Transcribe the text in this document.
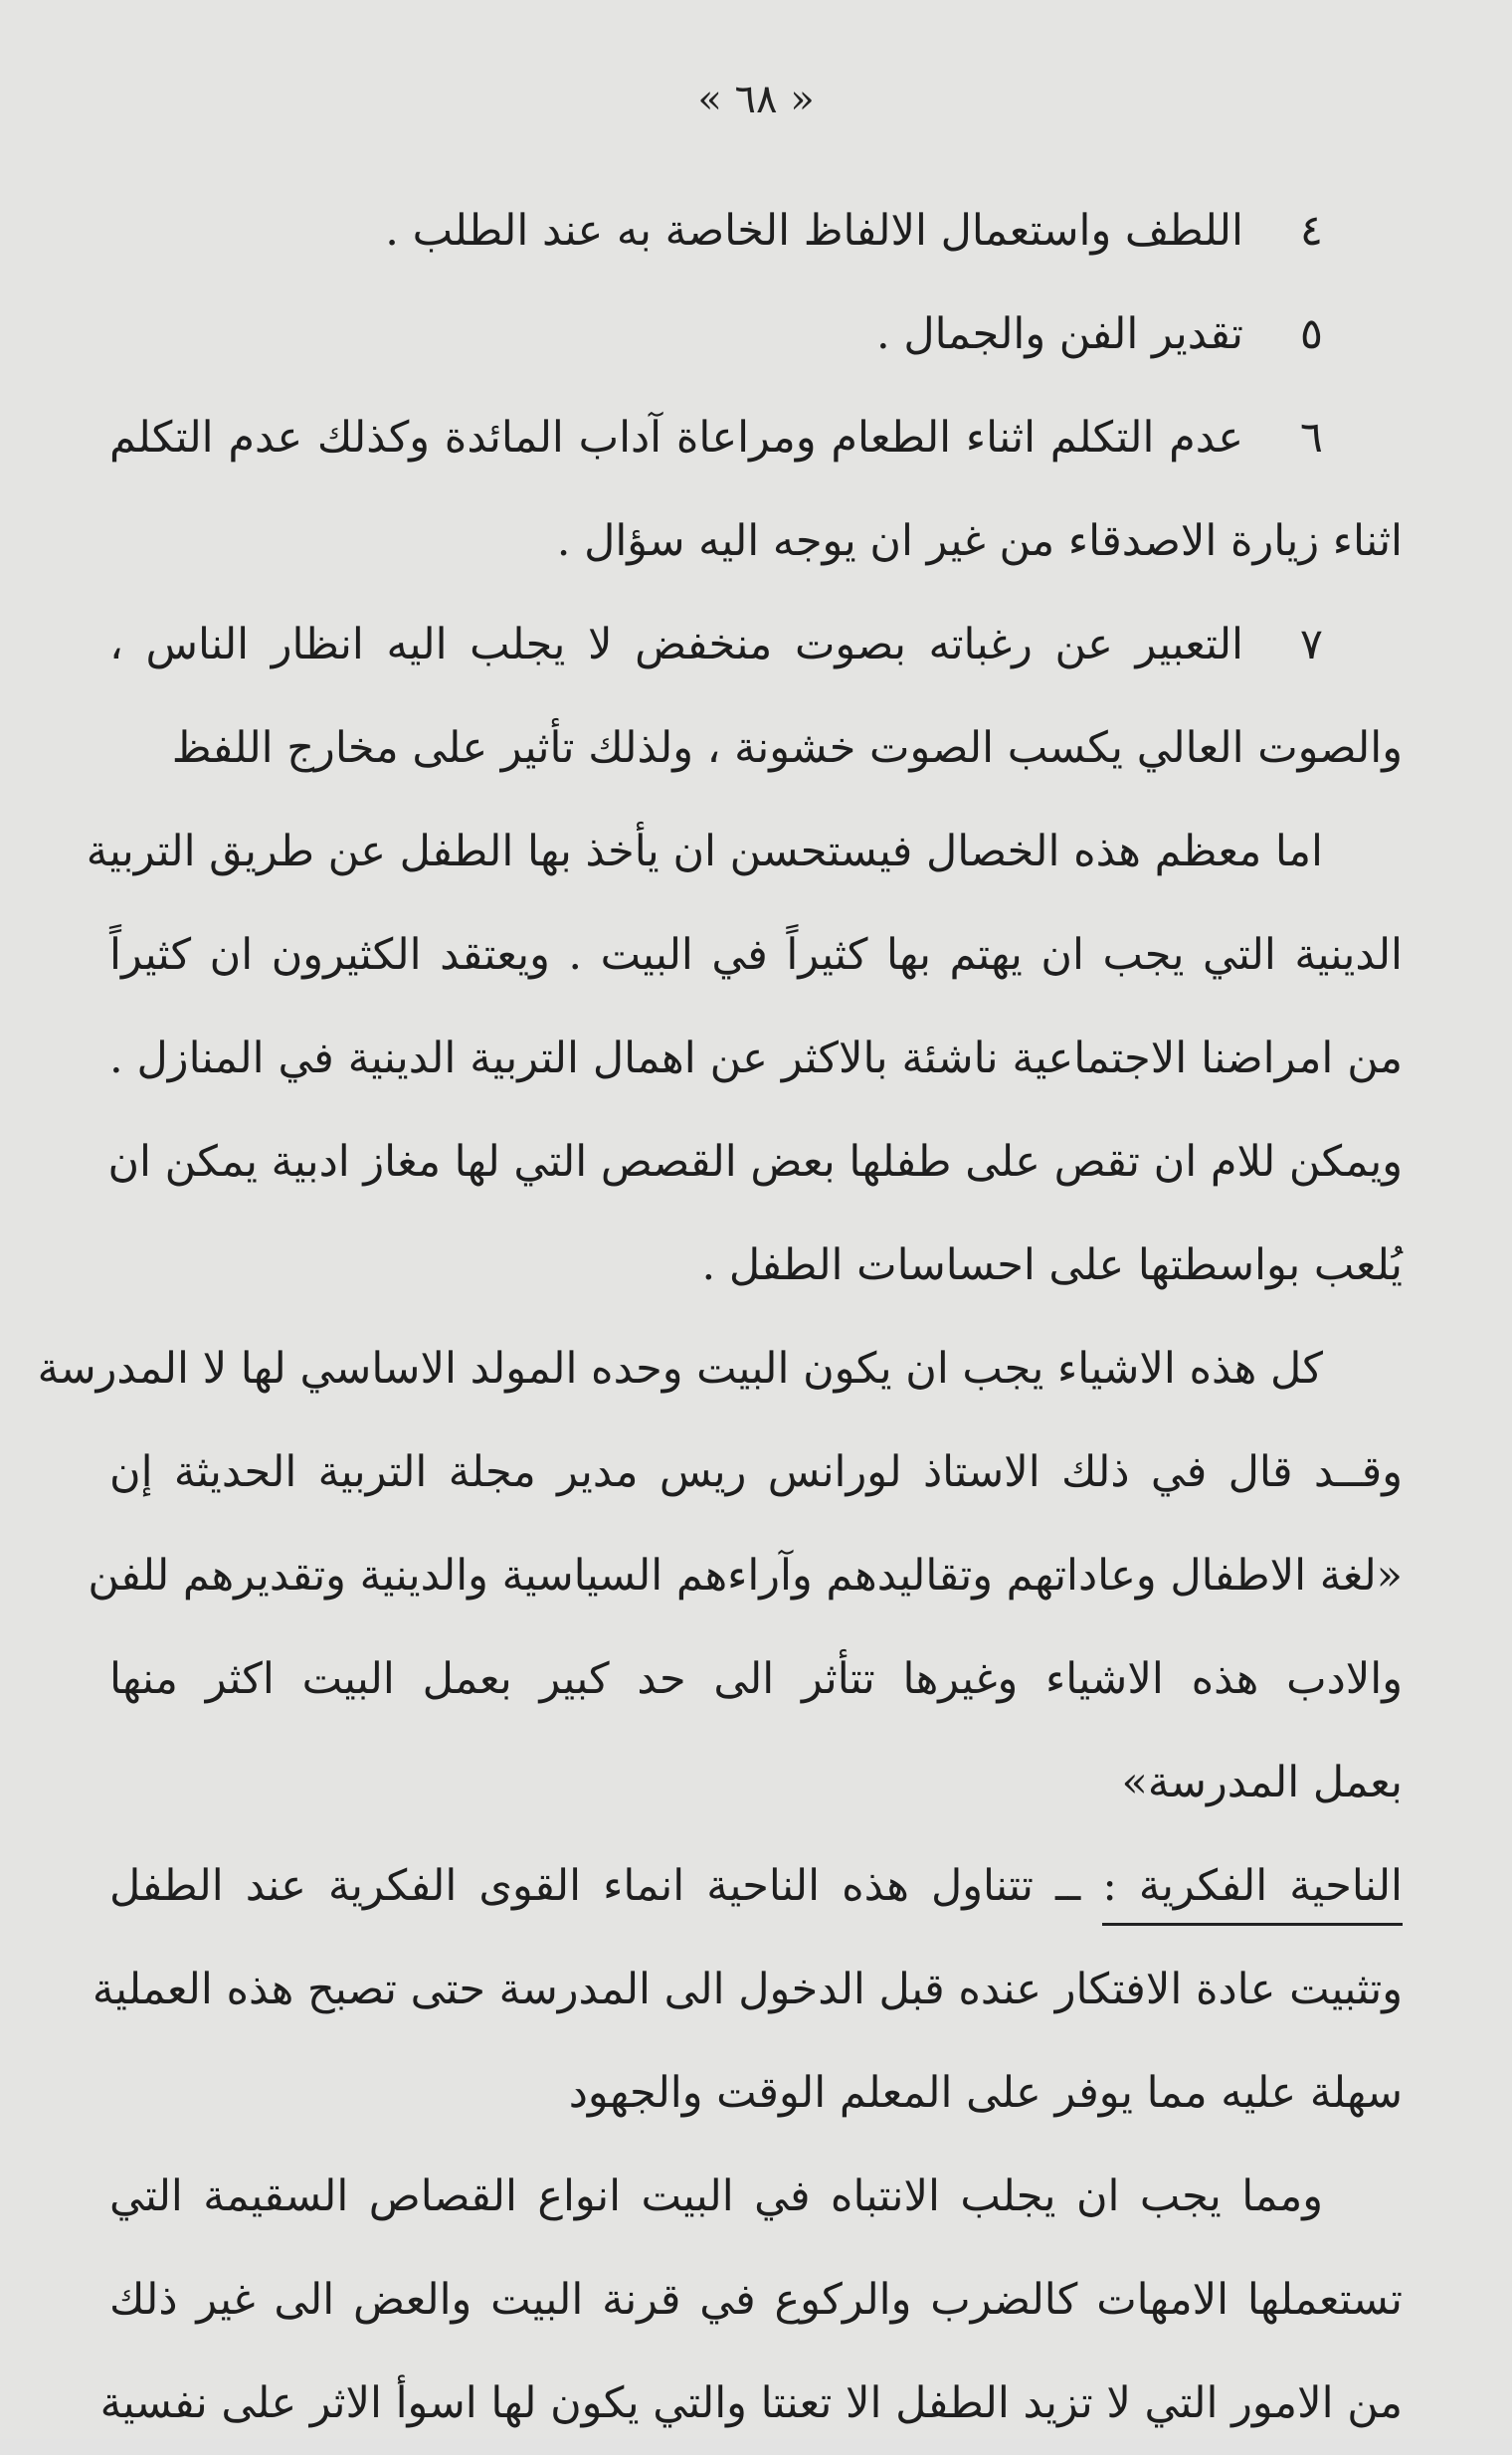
« ٦٨ »
٤اللطف واستعمال الالفاظ الخاصة به عند الطلب .
٥تقدير الفن والجمال .
٦عدم التكلم اثناء الطعام ومراعاة آداب المائدة وكذلك عدم التكلم
اثناء زيارة الاصدقاء من غير ان يوجه اليه سؤال .
٧التعبير عن رغباته بصوت منخفض لا يجلب اليه انظار الناس ،
والصوت العالي يكسب الصوت خشونة ، ولذلك تأثير على مخارج اللفظ
اما معظم هذه الخصال فيستحسن ان يأخذ بها الطفل عن طريق التربية
الدينية التي يجب ان يهتم بها كثيراً في البيت . ويعتقد الكثيرون ان كثيراً
من امراضنا الاجتماعية ناشئة بالاكثر عن اهمال التربية الدينية في المنازل .
ويمكن للام ان تقص على طفلها بعض القصص التي لها مغاز ادبية يمكن ان
يُلعب بواسطتها على احساسات الطفل .
كل هذه الاشياء يجب ان يكون البيت وحده المولد الاساسي لها لا المدرسة
وقــد قال في ذلك الاستاذ لورانس ريس مدير مجلة التربية الحديثة إن
«لغة الاطفال وعاداتهم وتقاليدهم وآراءهم السياسية والدينية وتقديرهم للفن
والادب هذه الاشياء وغيرها تتأثر الى حد كبير بعمل البيت اكثر منها
بعمل المدرسة»
الناحية الفكرية : ــ تتناول هذه الناحية انماء القوى الفكرية عند الطفل
وتثبيت عادة الافتكار عنده قبل الدخول الى المدرسة حتى تصبح هذه العملية
سهلة عليه مما يوفر على المعلم الوقت والجهود
ومما يجب ان يجلب الانتباه في البيت انواع القصاص السقيمة التي
تستعملها الامهات كالضرب والركوع في قرنة البيت والعض الى غير ذلك
من الامور التي لا تزيد الطفل الا تعنتا والتي يكون لها اسوأ الاثر على نفسية
